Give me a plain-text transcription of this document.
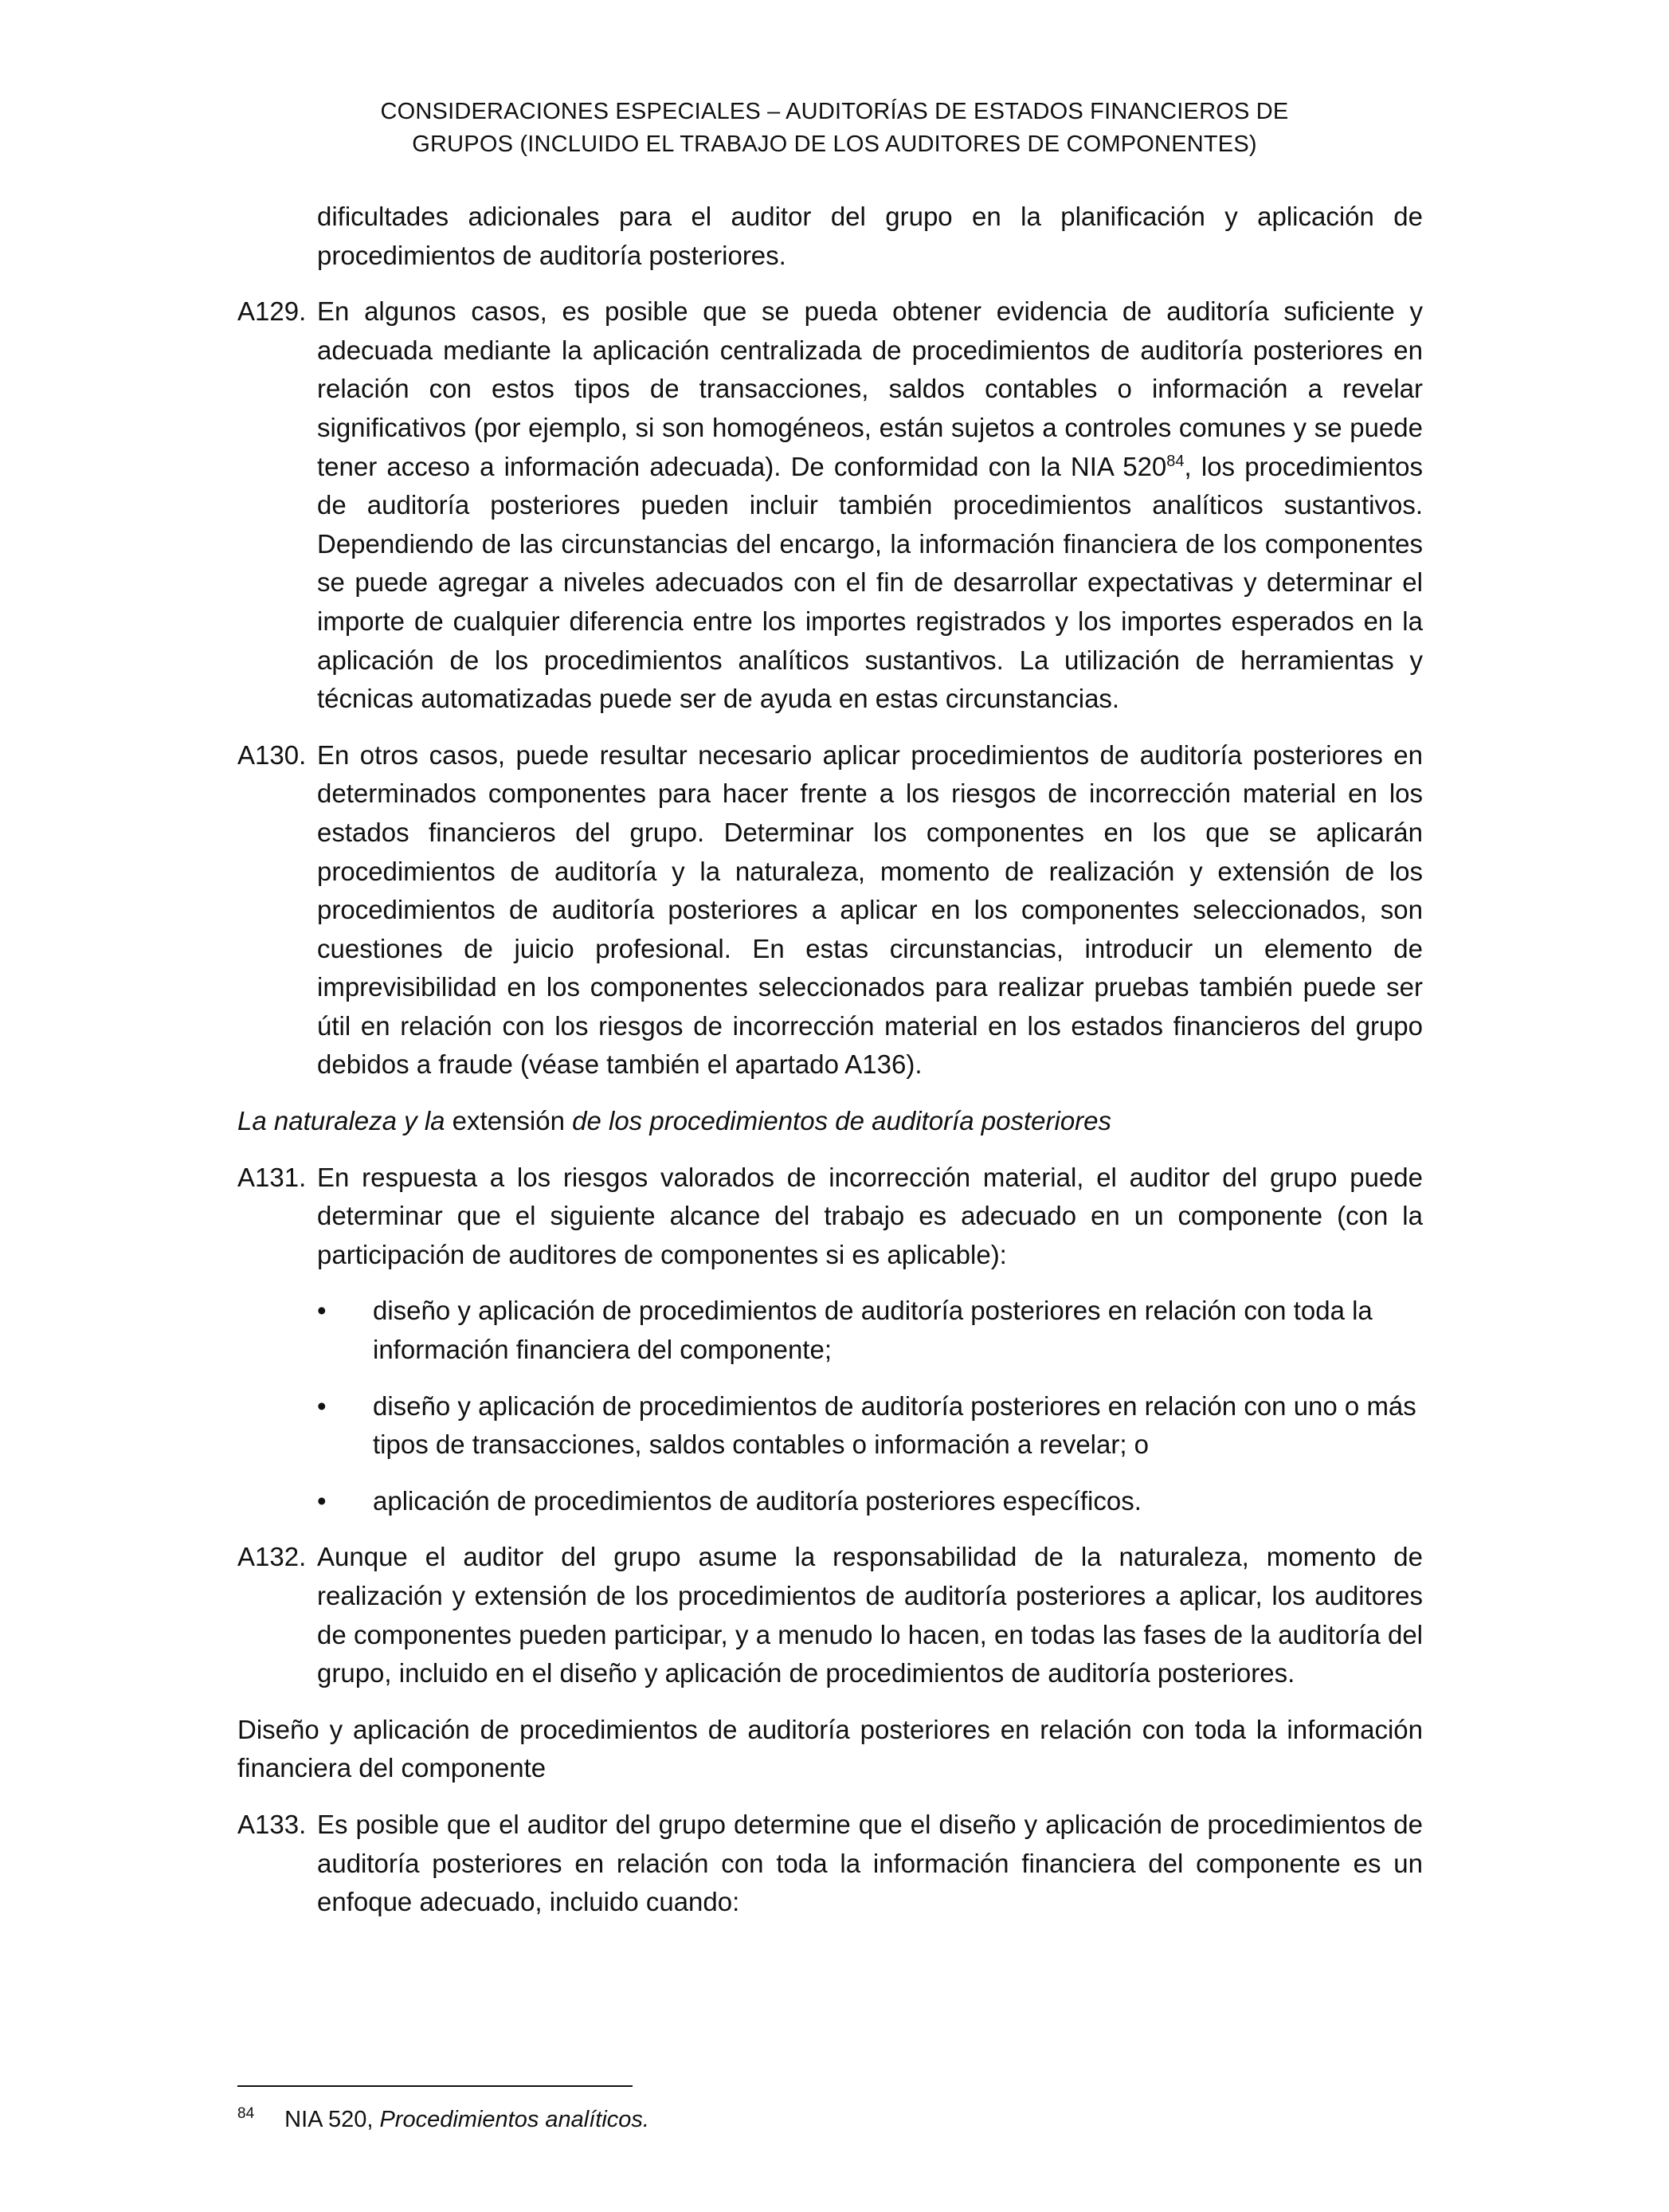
CONSIDERACIONES ESPECIALES – AUDITORÍAS DE ESTADOS FINANCIEROS DE
GRUPOS (INCLUIDO EL TRABAJO DE LOS AUDITORES DE COMPONENTES)
dificultades adicionales para el auditor del grupo en la planificación y aplicación de procedimientos de auditoría posteriores.
A129. En algunos casos, es posible que se pueda obtener evidencia de auditoría suficiente y adecuada mediante la aplicación centralizada de procedimientos de auditoría posteriores en relación con estos tipos de transacciones, saldos contables o información a revelar significativos (por ejemplo, si son homogéneos, están sujetos a controles comunes y se puede tener acceso a información adecuada). De conformidad con la NIA $520^{84}$, los procedimientos de auditoría posteriores pueden incluir también procedimientos analíticos sustantivos. Dependiendo de las circunstancias del encargo, la información financiera de los componentes se puede agregar a niveles adecuados con el fin de desarrollar expectativas y determinar el importe de cualquier diferencia entre los importes registrados y los importes esperados en la aplicación de los procedimientos analíticos sustantivos. La utilización de herramientas y técnicas automatizadas puede ser de ayuda en estas circunstancias.
A130. En otros casos, puede resultar necesario aplicar procedimientos de auditoría posteriores en determinados componentes para hacer frente a los riesgos de incorrección material en los estados financieros del grupo. Determinar los componentes en los que se aplicarán procedimientos de auditoría y la naturaleza, momento de realización y extensión de los procedimientos de auditoría posteriores a aplicar en los componentes seleccionados, son cuestiones de juicio profesional. En estas circunstancias, introducir un elemento de imprevisibilidad en los componentes seleccionados para realizar pruebas también puede ser útil en relación con los riesgos de incorrección material en los estados financieros del grupo debidos a fraude (véase también el apartado A136).
La naturaleza y la extensión de los procedimientos de auditoría posteriores
A131. En respuesta a los riesgos valorados de incorrección material, el auditor del grupo puede determinar que el siguiente alcance del trabajo es adecuado en un componente (con la participación de auditores de componentes si es aplicable):
• diseño y aplicación de procedimientos de auditoría posteriores en relación con toda la información financiera del componente;
• diseño y aplicación de procedimientos de auditoría posteriores en relación con uno o más tipos de transacciones, saldos contables o información a revelar; o
• aplicación de procedimientos de auditoría posteriores específicos.
A132. Aunque el auditor del grupo asume la responsabilidad de la naturaleza, momento de realización y extensión de los procedimientos de auditoría posteriores a aplicar, los auditores de componentes pueden participar, y a menudo lo hacen, en todas las fases de la auditoría del grupo, incluido en el diseño y aplicación de procedimientos de auditoría posteriores.
Diseño y aplicación de procedimientos de auditoría posteriores en relación con toda la información financiera del componente
A133. Es posible que el auditor del grupo determine que el diseño y aplicación de procedimientos de auditoría posteriores en relación con toda la información financiera del componente es un enfoque adecuado, incluido cuando:
$^{84}$ NIA 520, Procedimientos analíticos.
